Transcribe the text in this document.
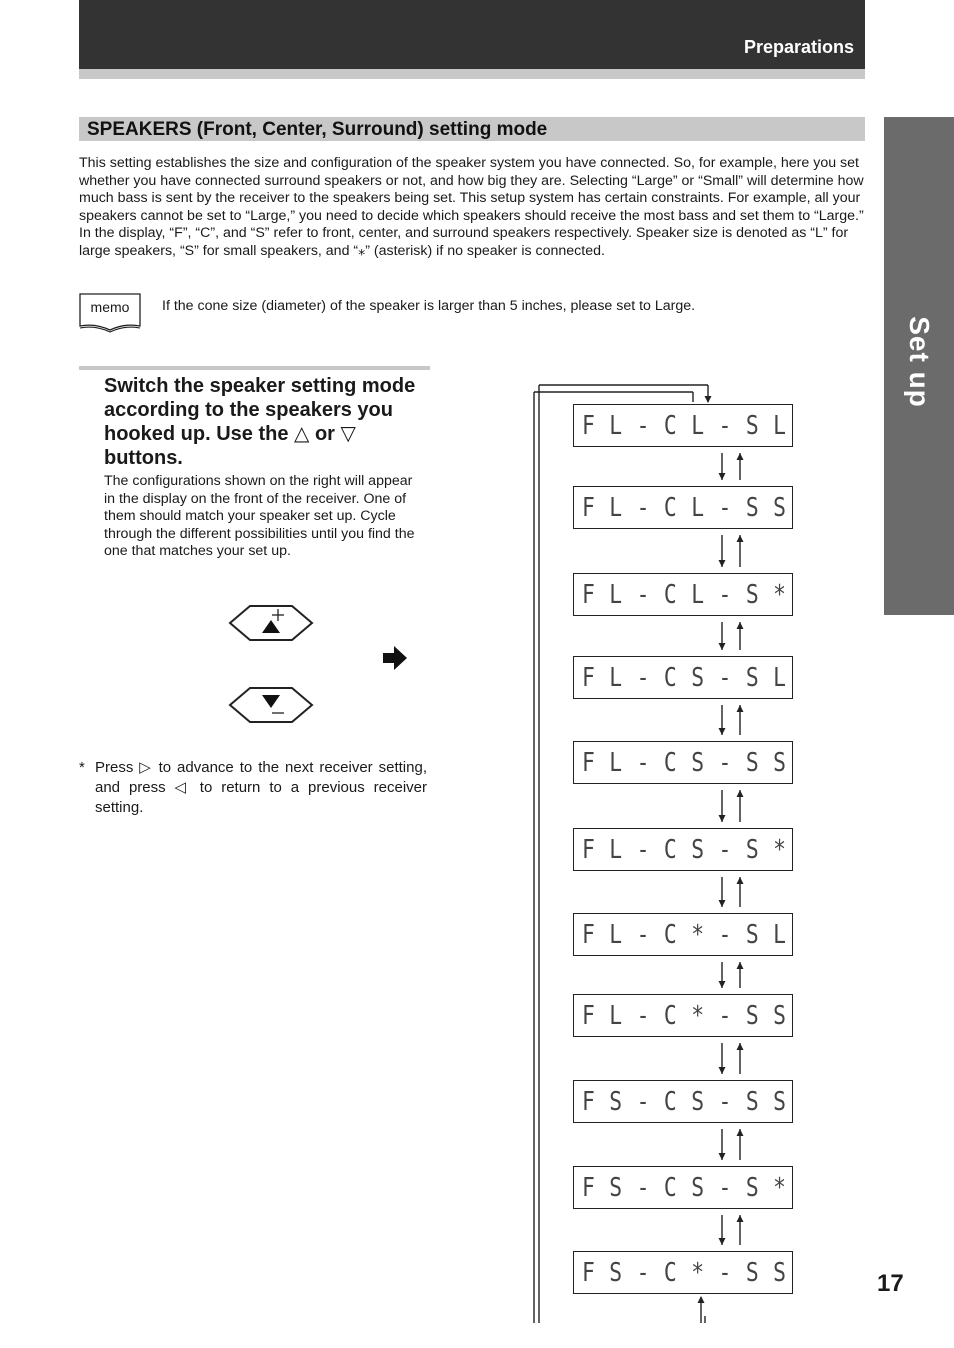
Preparations
Set up
SPEAKERS (Front, Center, Surround) setting mode

This setting establishes the size and configuration of the speaker system you have connected. So, for example, here you set whether you have connected surround speakers or not, and how big they are. Selecting “Large” or “Small” will determine how much bass is sent by the receiver to the speakers being set. This setup system has certain constraints. For example, all your speakers cannot be set to “Large,” you need to decide which speakers should receive the most bass and set them to “Large.”

In the display, “F”, “C”, and “S” refer to front, center, and surround speakers respectively. Speaker size is denoted as “L” for large speakers, “S” for small speakers, and “⁎” (asterisk) if no speaker is connected.

memo	If the cone size (diameter) of the speaker is larger than 5 inches, please set to Large.
Switch the speaker setting mode according to the speakers you hooked up. Use the △ or ▽ buttons.
The configurations shown on the right will appear in the display on the front of the receiver. One of them should match your speaker set up. Cycle through the different possibilities until you find the one that matches your set up.
* Press ▷ to advance to the next receiver setting, and press ◁ to return to a previous receiver setting.
F L - C L - S L
F L - C L - S S
F L - C L - S *
F L - C S - S L
F L - C S - S S
F L - C S - S *
F L - C * - S L
F L - C * - S S
F S - C S - S S
F S - C S - S *
F S - C * - S S	17
